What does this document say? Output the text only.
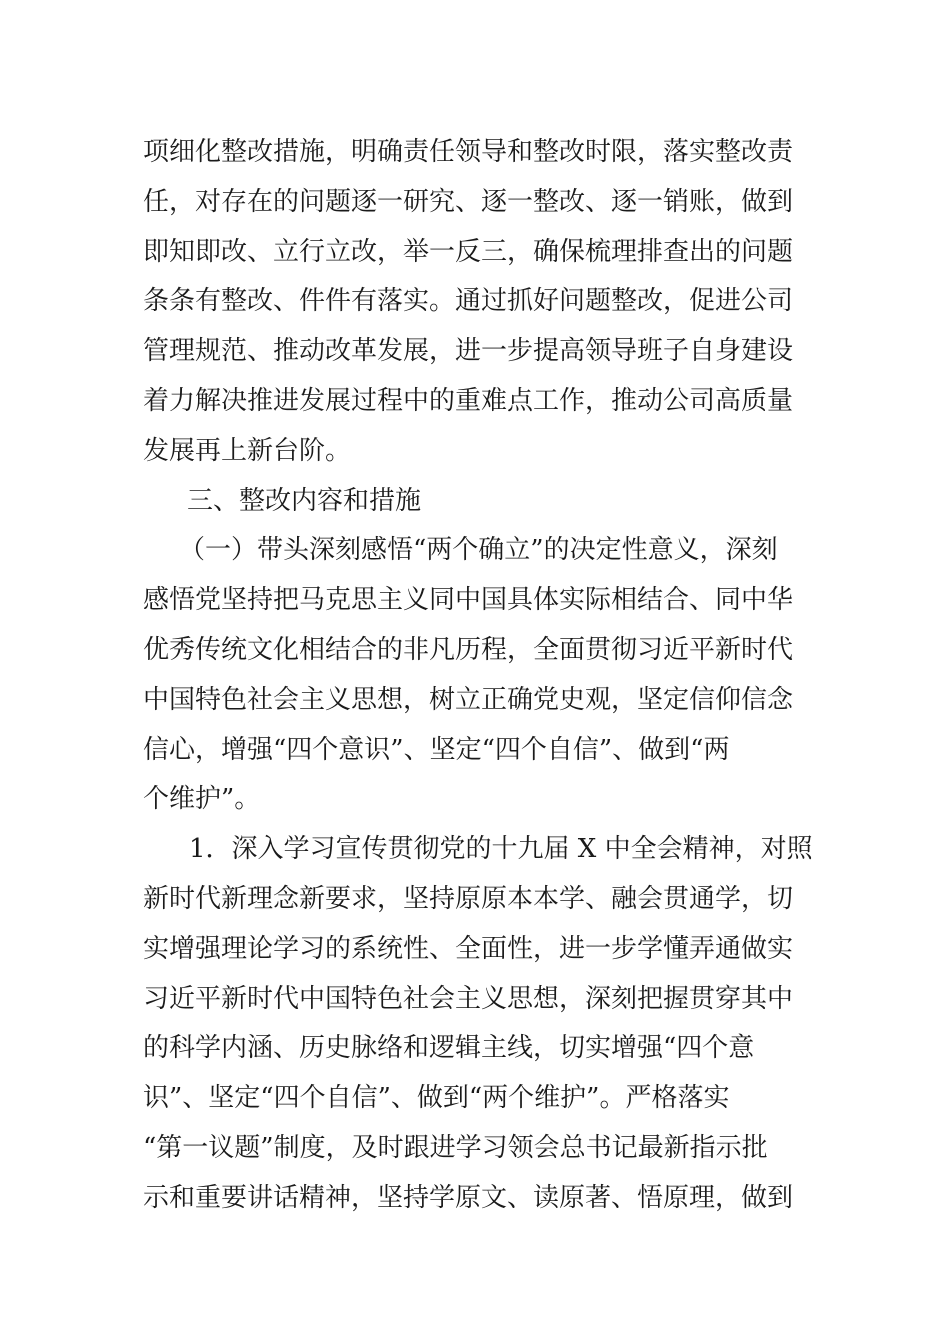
项细化整改措施，明确责任领导和整改时限，落实整改责
任，对存在的问题逐一研究、逐一整改、逐一销账，做到
即知即改、立行立改，举一反三，确保梳理排查出的问题
条条有整改、件件有落实。通过抓好问题整改，促进公司
管理规范、推动改革发展，进一步提高领导班子自身建设
着力解决推进发展过程中的重难点工作，推动公司高质量
发展再上新台阶。
三、整改内容和措施
（一）带头深刻感悟“两个确立”的决定性意义，深刻
感悟党坚持把马克思主义同中国具体实际相结合、同中华
优秀传统文化相结合的非凡历程，全面贯彻习近平新时代
中国特色社会主义思想，树立正确党史观，坚定信仰信念
信心，增强“四个意识”、坚定“四个自信”、做到“两
个维护”。
1．深入学习宣传贯彻党的十九届 X 中全会精神，对照
新时代新理念新要求，坚持原原本本学、融会贯通学，切
实增强理论学习的系统性、全面性，进一步学懂弄通做实
习近平新时代中国特色社会主义思想，深刻把握贯穿其中
的科学内涵、历史脉络和逻辑主线，切实增强“四个意
识”、坚定“四个自信”、做到“两个维护”。严格落实
“第一议题”制度，及时跟进学习领会总书记最新指示批
示和重要讲话精神，坚持学原文、读原著、悟原理，做到
